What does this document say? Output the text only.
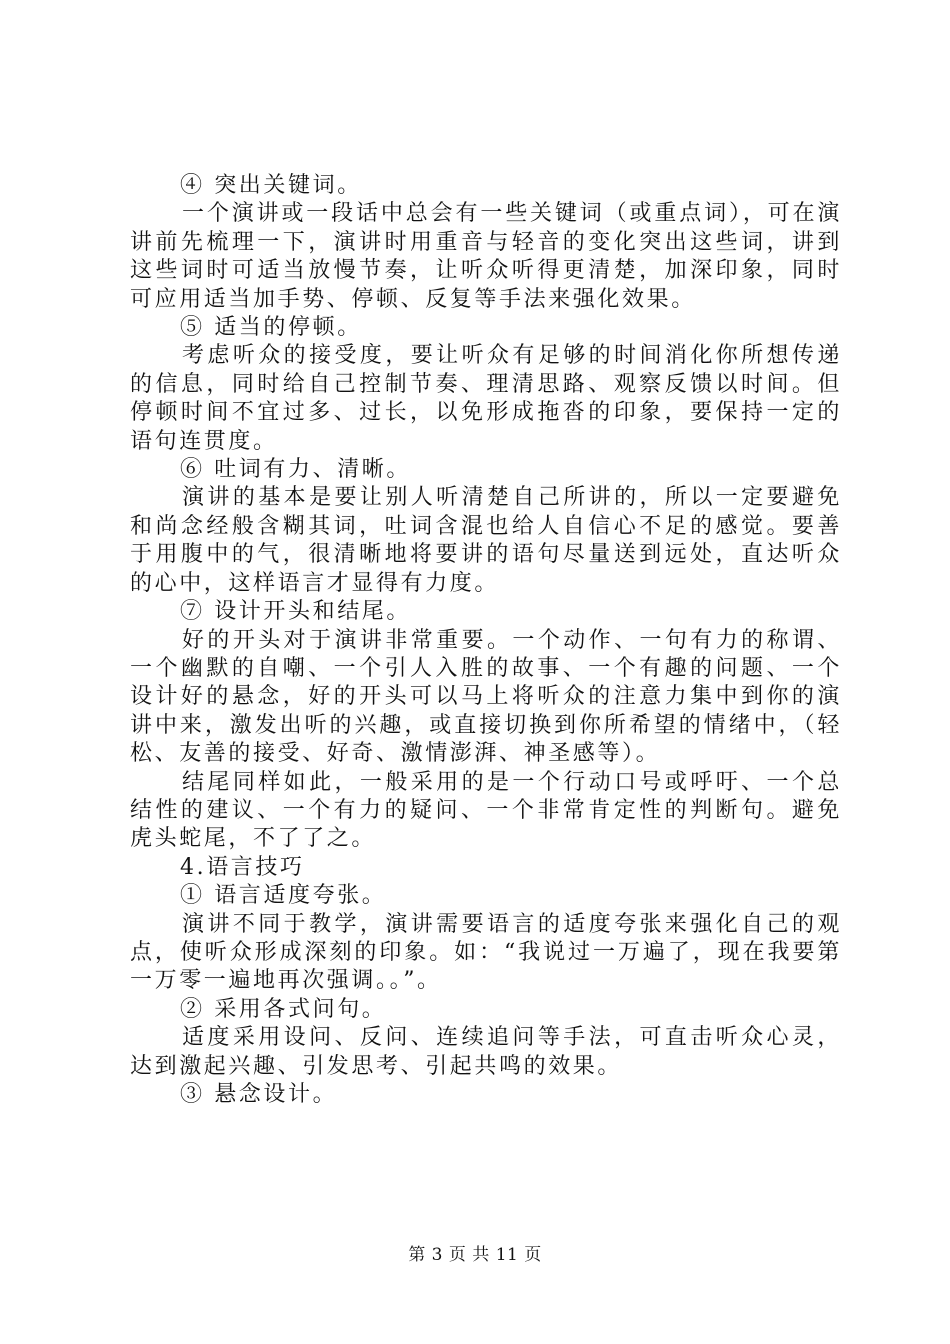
④ 突出关键词。

一个演讲或一段话中总会有一些关键词（或重点词），可在演讲前先梳理一下，演讲时用重音与轻音的变化突出这些词，讲到这些词时可适当放慢节奏，让听众听得更清楚，加深印象，同时可应用适当加手势、停顿、反复等手法来强化效果。

⑤ 适当的停顿。

考虑听众的接受度，要让听众有足够的时间消化你所想传递的信息，同时给自己控制节奏、理清思路、观察反馈以时间。但停顿时间不宜过多、过长，以免形成拖沓的印象，要保持一定的语句连贯度。

⑥ 吐词有力、清晰。

演讲的基本是要让别人听清楚自己所讲的，所以一定要避免和尚念经般含糊其词，吐词含混也给人自信心不足的感觉。要善于用腹中的气，很清晰地将要讲的语句尽量送到远处，直达听众的心中，这样语言才显得有力度。

⑦ 设计开头和结尾。

好的开头对于演讲非常重要。一个动作、一句有力的称谓、一个幽默的自嘲、一个引人入胜的故事、一个有趣的问题、一个设计好的悬念，好的开头可以马上将听众的注意力集中到你的演讲中来，激发出听的兴趣，或直接切换到你所希望的情绪中，（轻松、友善的接受、好奇、激情澎湃、神圣感等）。

结尾同样如此，一般采用的是一个行动口号或呼吁、一个总结性的建议、一个有力的疑问、一个非常肯定性的判断句。避免虎头蛇尾，不了了之。

4.语言技巧

① 语言适度夸张。

演讲不同于教学，演讲需要语言的适度夸张来强化自己的观点，使听众形成深刻的印象。如：“我说过一万遍了，现在我要第一万零一遍地再次强调。。”。

② 采用各式问句。

适度采用设问、反问、连续追问等手法，可直击听众心灵，达到激起兴趣、引发思考、引起共鸣的效果。

③ 悬念设计。

第 3 页 共 11 页
